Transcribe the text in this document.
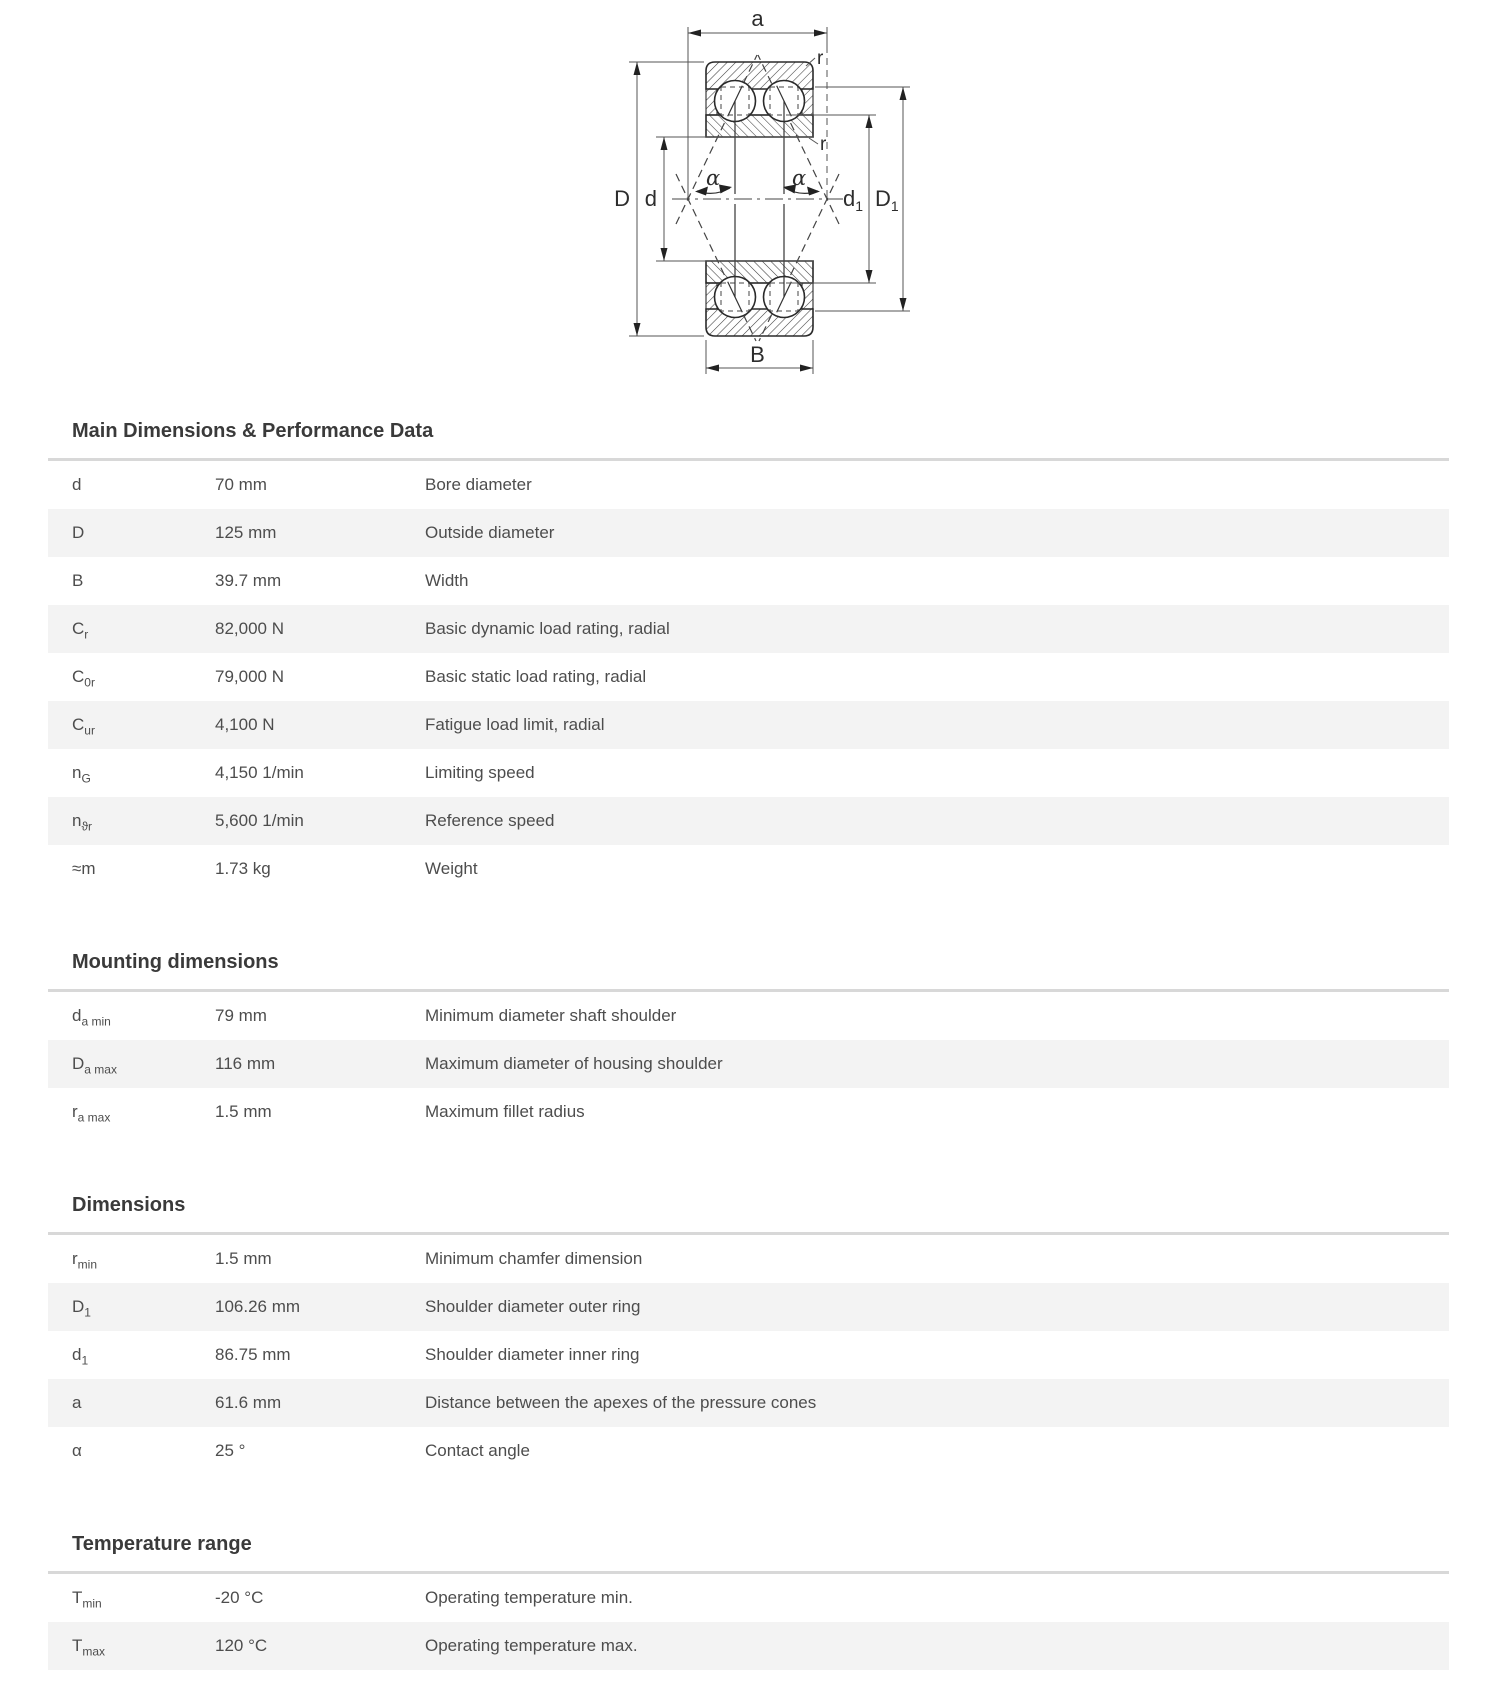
a
B
D d	$d_1$ $D_1$
r
r
α	α
Main Dimensions & Performance Data
d	70 mm	Bore diameter
D	125 mm	Outside diameter
B	39.7 mm	Width
$C_r$	82,000 N	Basic dynamic load rating, radial
$C_{0r}$	79,000 N	Basic static load rating, radial
$C_{ur}$	4,100 N	Fatigue load limit, radial
$n_G$	4,150 1/min	Limiting speed
$n_{ϑr}$	5,600 1/min	Reference speed
≈m	1.73 kg	Weight
Mounting dimensions
$d_{a min}$	79 mm	Minimum diameter shaft shoulder
$D_{a max}$	116 mm	Maximum diameter of housing shoulder
$r_{a max}$	1.5 mm	Maximum fillet radius
Dimensions
$r_{min}$	1.5 mm	Minimum chamfer dimension
$D_1$	106.26 mm	Shoulder diameter outer ring
$d_1$	86.75 mm	Shoulder diameter inner ring
a	61.6 mm	Distance between the apexes of the pressure cones
α	25 °	Contact angle
Temperature range
$T_{min}$	-20 °C	Operating temperature min.
$T_{max}$	120 °C	Operating temperature max.
